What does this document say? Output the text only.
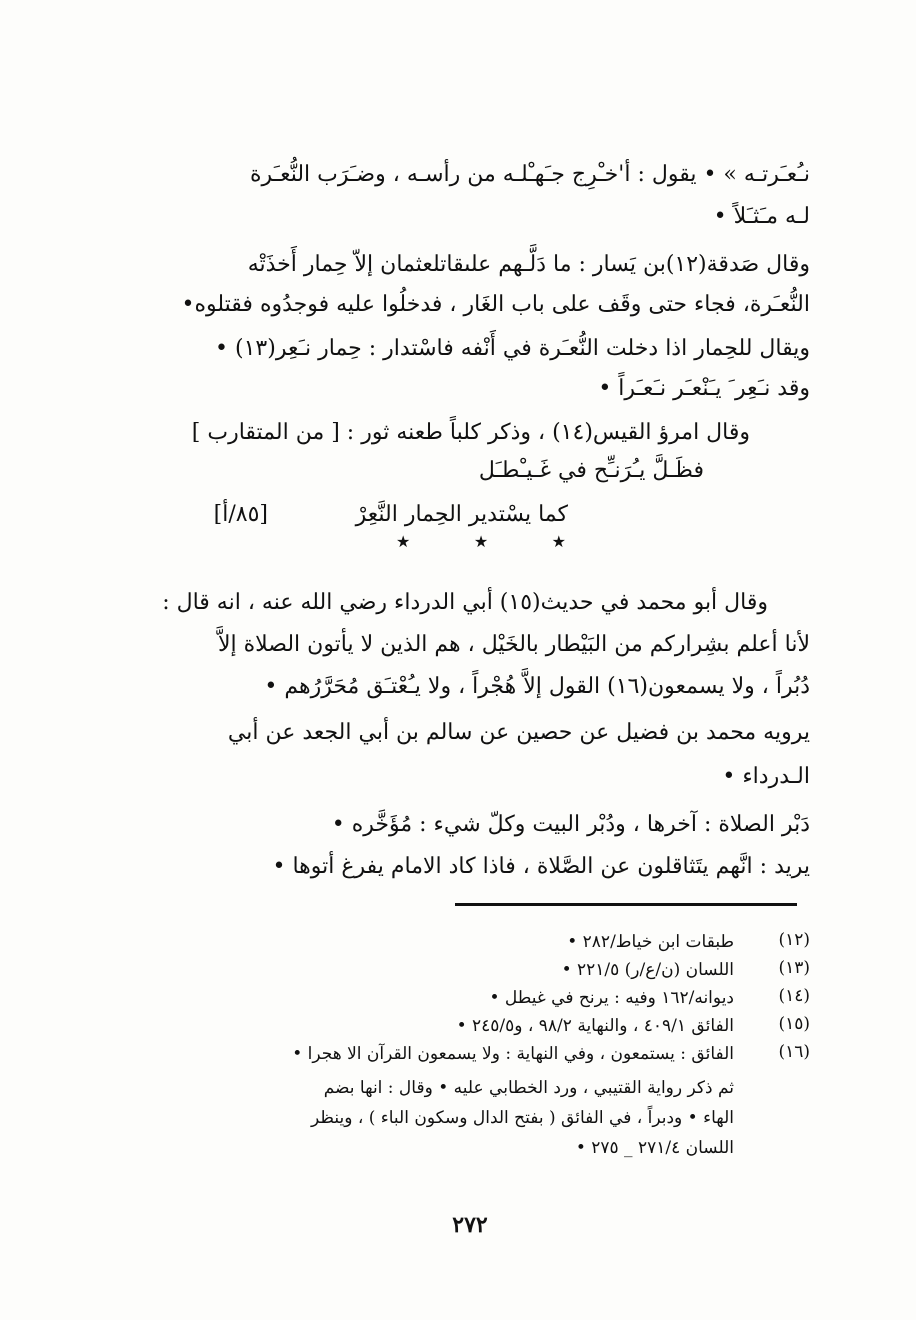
نـُعـَرتـه » • يقول : أ'خـْرِج جـَهـْلـه من رأسـه ، وضـَرَب النُّعـَرة
لـه مـَثـَلاً •
وقال صَدقة(١٢)بن يَسار : ما دَلَّـهم علىقاتلعثمان إلاّ حِمار أَخذَتْه
النُّعـَرة، فجاء حتى وقَف على باب الغَار ، فدخلُوا عليه فوجدُوه فقتلوه•
ويقال للحِمار اذا دخلت النُّعـَرة في أَنْفه فاسْتدار : حِمار نـَعِر(١٣) •
وقد نـَعِر َ يـَنْعـَر نـَعـَراً •
وقال امرؤ القيس(١٤) ، وذكر كلباً طعنه ثور : [ من المتقارب ]
فظَـلَّ يـُرَنـِّح في غَـيـْطـَل
كما يسْتدير الحِمار النَّعِرْ
[٨٥/أ]
★	★	★
وقال أبو محمد في حديث(١٥) أبي الدرداء رضي الله عنه ، انه قال :
لأنا أعلم بشِراركم من البَيْطار بالخَيْل ، هم الذين لا يأتون الصلاة إلاَّ
دُبُراً ، ولا يسمعون(١٦) القول إلاَّ هُجْراً ، ولا يـُعْتـَق مُحَرَّرُهم •
يرويه محمد بن فضيل عن حصين عن سالم بن أبي الجعد عن أبي
الـدرداء •
دَبْر الصلاة : آخرها ، ودُبْر البيت وكلّ شيء : مُؤَخَّره •
يريد : انَّهم يتَثاقلون عن الصَّلاة ، فاذا كاد الامام يفرغ أتوها •
(١٢)
طبقات ابن خياط/٢٨٢ •
(١٣)
اللسان (ن/ع/ر) ٢٢١/٥ •
(١٤)
ديوانه/١٦٢ وفيه : يرنح في غيطل •
(١٥)
الفائق ٤٠٩/١ ، والنهاية ٩٨/٢ ، و٢٤٥/٥ •
(١٦)
الفائق : يستمعون ، وفي النهاية : ولا يسمعون القرآن الا هجرا •
ثم ذكر رواية القتيبي ، ورد الخطابي عليه • وقال : انها بضم
الهاء • ودبراً ، في الفائق ( بفتح الدال وسكون الباء ) ، وينظر
اللسان ٢٧١/٤ _ ٢٧٥ •
٢٧٢
